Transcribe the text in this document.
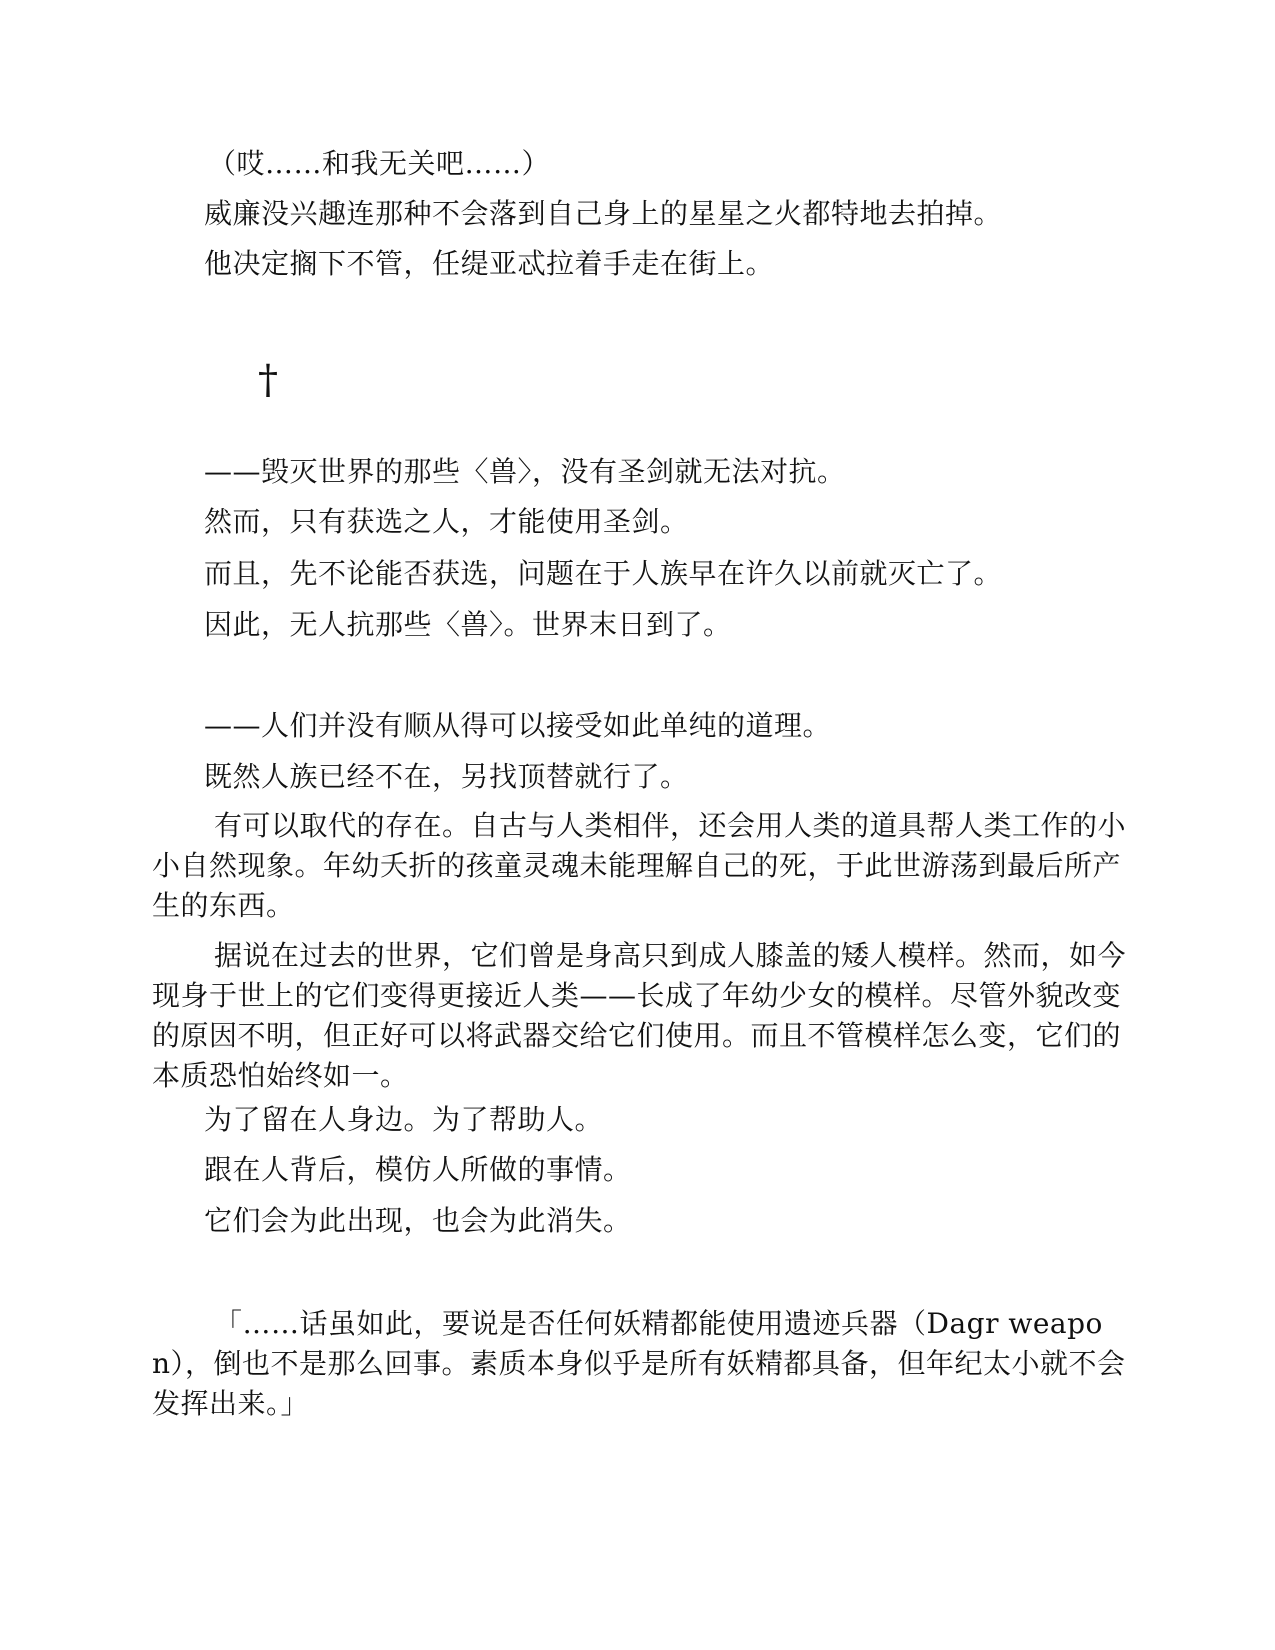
（哎……和我无关吧……）
威廉没兴趣连那种不会落到自己身上的星星之火都特地去拍掉。
他决定搁下不管，任缇亚忒拉着手走在街上。
†
——毁灭世界的那些〈兽〉，没有圣剑就无法对抗。
然而，只有获选之人，才能使用圣剑。
而且，先不论能否获选，问题在于人族早在许久以前就灭亡了。
因此，无人抗那些〈兽〉。世界末日到了。
——人们并没有顺从得可以接受如此单纯的道理。
既然人族已经不在，另找顶替就行了。
有可以取代的存在。自古与人类相伴，还会用人类的道具帮人类工作的小小自然现象。年幼夭折的孩童灵魂未能理解自己的死，于此世游荡到最后所产生的东西。
据说在过去的世界，它们曾是身高只到成人膝盖的矮人模样。然而，如今现身于世上的它们变得更接近人类——长成了年幼少女的模样。尽管外貌改变的原因不明，但正好可以将武器交给它们使用。而且不管模样怎么变，它们的本质恐怕始终如一。
为了留在人身边。为了帮助人。
跟在人背后，模仿人所做的事情。
它们会为此出现，也会为此消失。
「……话虽如此，要说是否任何妖精都能使用遗迹兵器（Dagr weapon），倒也不是那么回事。素质本身似乎是所有妖精都具备，但年纪太小就不会发挥出来。」
